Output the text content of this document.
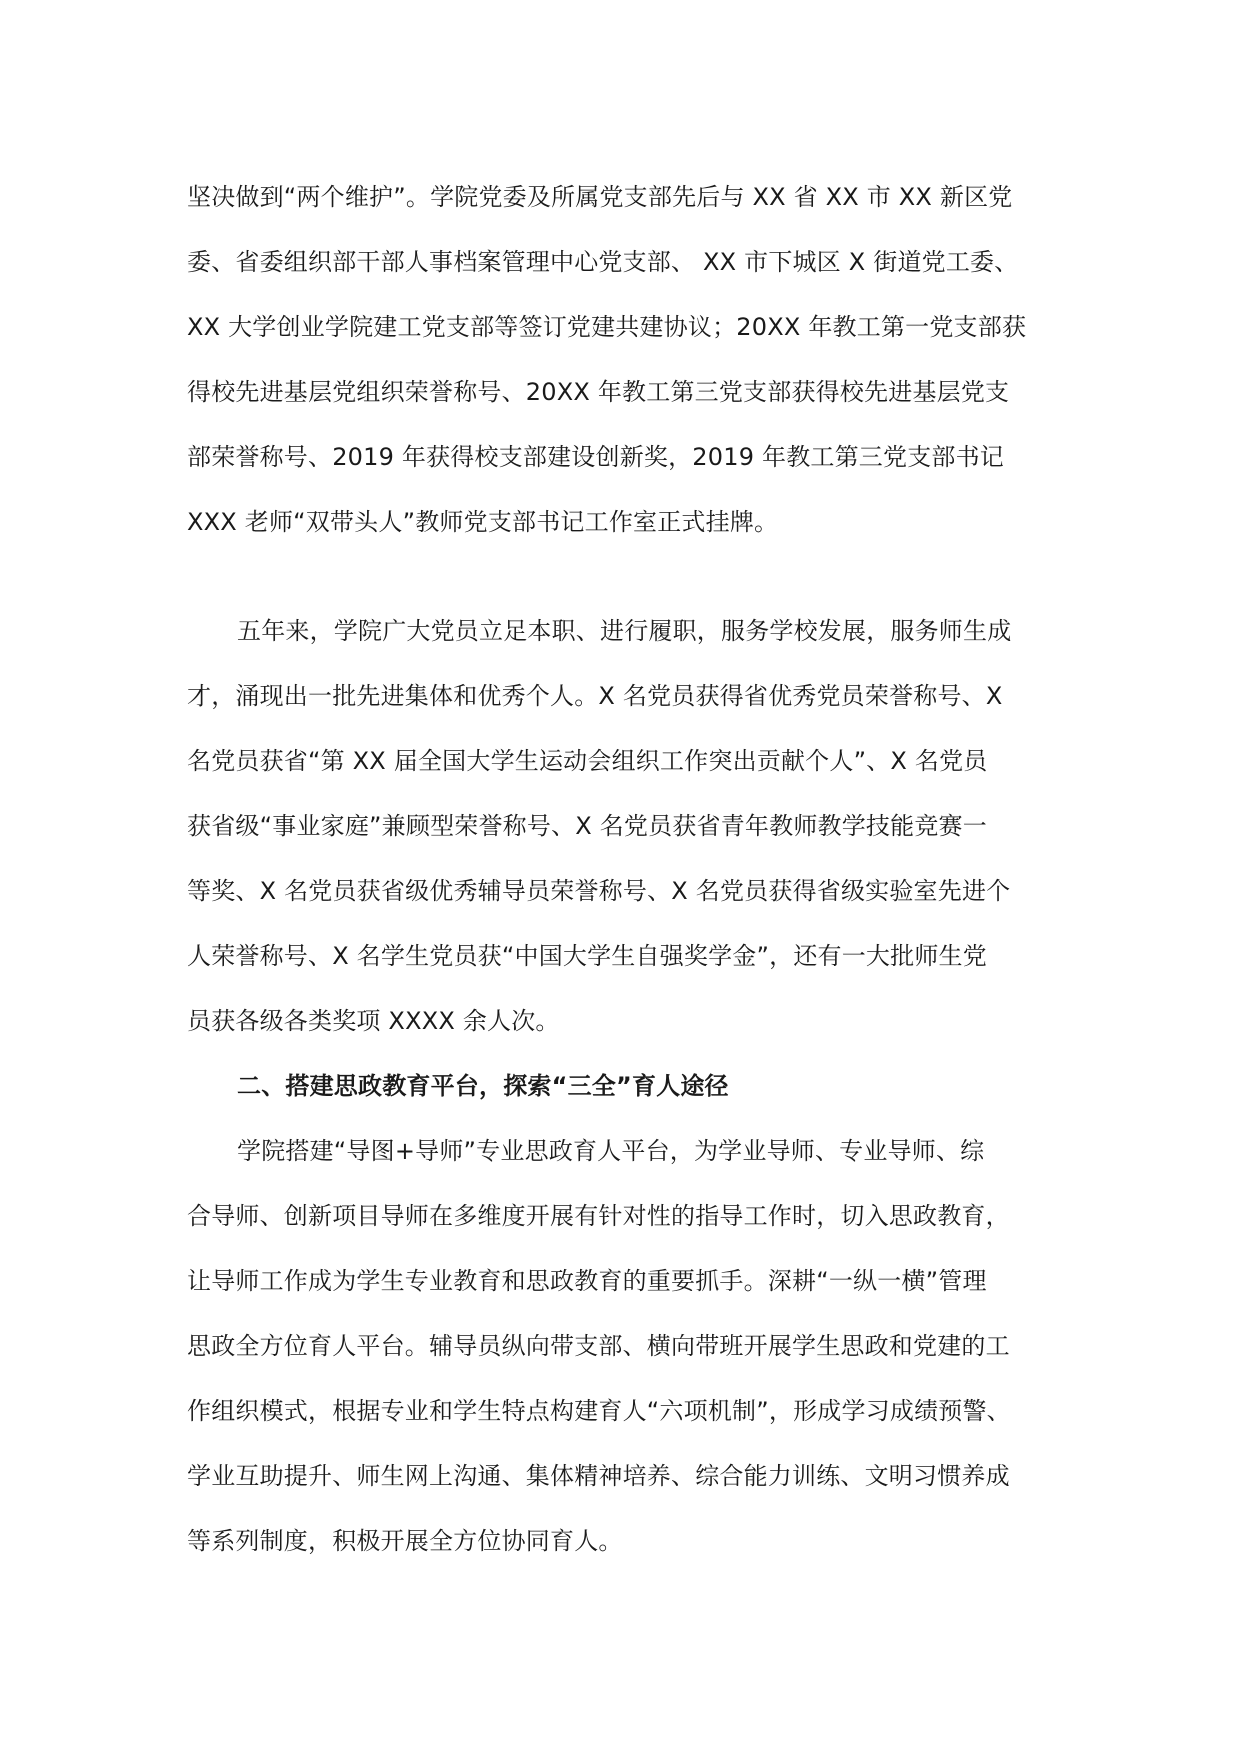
坚决做到“两个维护”。学院党委及所属党支部先后与 XX 省 XX 市 XX 新区党
委、省委组织部干部人事档案管理中心党支部、 XX 市下城区 X 街道党工委、
XX 大学创业学院建工党支部等签订党建共建协议；20XX 年教工第一党支部获
得校先进基层党组织荣誉称号、20XX 年教工第三党支部获得校先进基层党支
部荣誉称号、2019 年获得校支部建设创新奖，2019 年教工第三党支部书记
XXX 老师“双带头人”教师党支部书记工作室正式挂牌。
五年来，学院广大党员立足本职、进行履职，服务学校发展，服务师生成
才，涌现出一批先进集体和优秀个人。X 名党员获得省优秀党员荣誉称号、X
名党员获省“第 XX 届全国大学生运动会组织工作突出贡献个人”、X 名党员
获省级“事业家庭”兼顾型荣誉称号、X 名党员获省青年教师教学技能竞赛一
等奖、X 名党员获省级优秀辅导员荣誉称号、X 名党员获得省级实验室先进个
人荣誉称号、X 名学生党员获“中国大学生自强奖学金”，还有一大批师生党
员获各级各类奖项 XXXX 余人次。
二、搭建思政教育平台，探索“三全”育人途径
学院搭建“导图+导师”专业思政育人平台，为学业导师、专业导师、综
合导师、创新项目导师在多维度开展有针对性的指导工作时，切入思政教育，
让导师工作成为学生专业教育和思政教育的重要抓手。深耕“一纵一横”管理
思政全方位育人平台。辅导员纵向带支部、横向带班开展学生思政和党建的工
作组织模式，根据专业和学生特点构建育人“六项机制”，形成学习成绩预警、
学业互助提升、师生网上沟通、集体精神培养、综合能力训练、文明习惯养成
等系列制度，积极开展全方位协同育人。
